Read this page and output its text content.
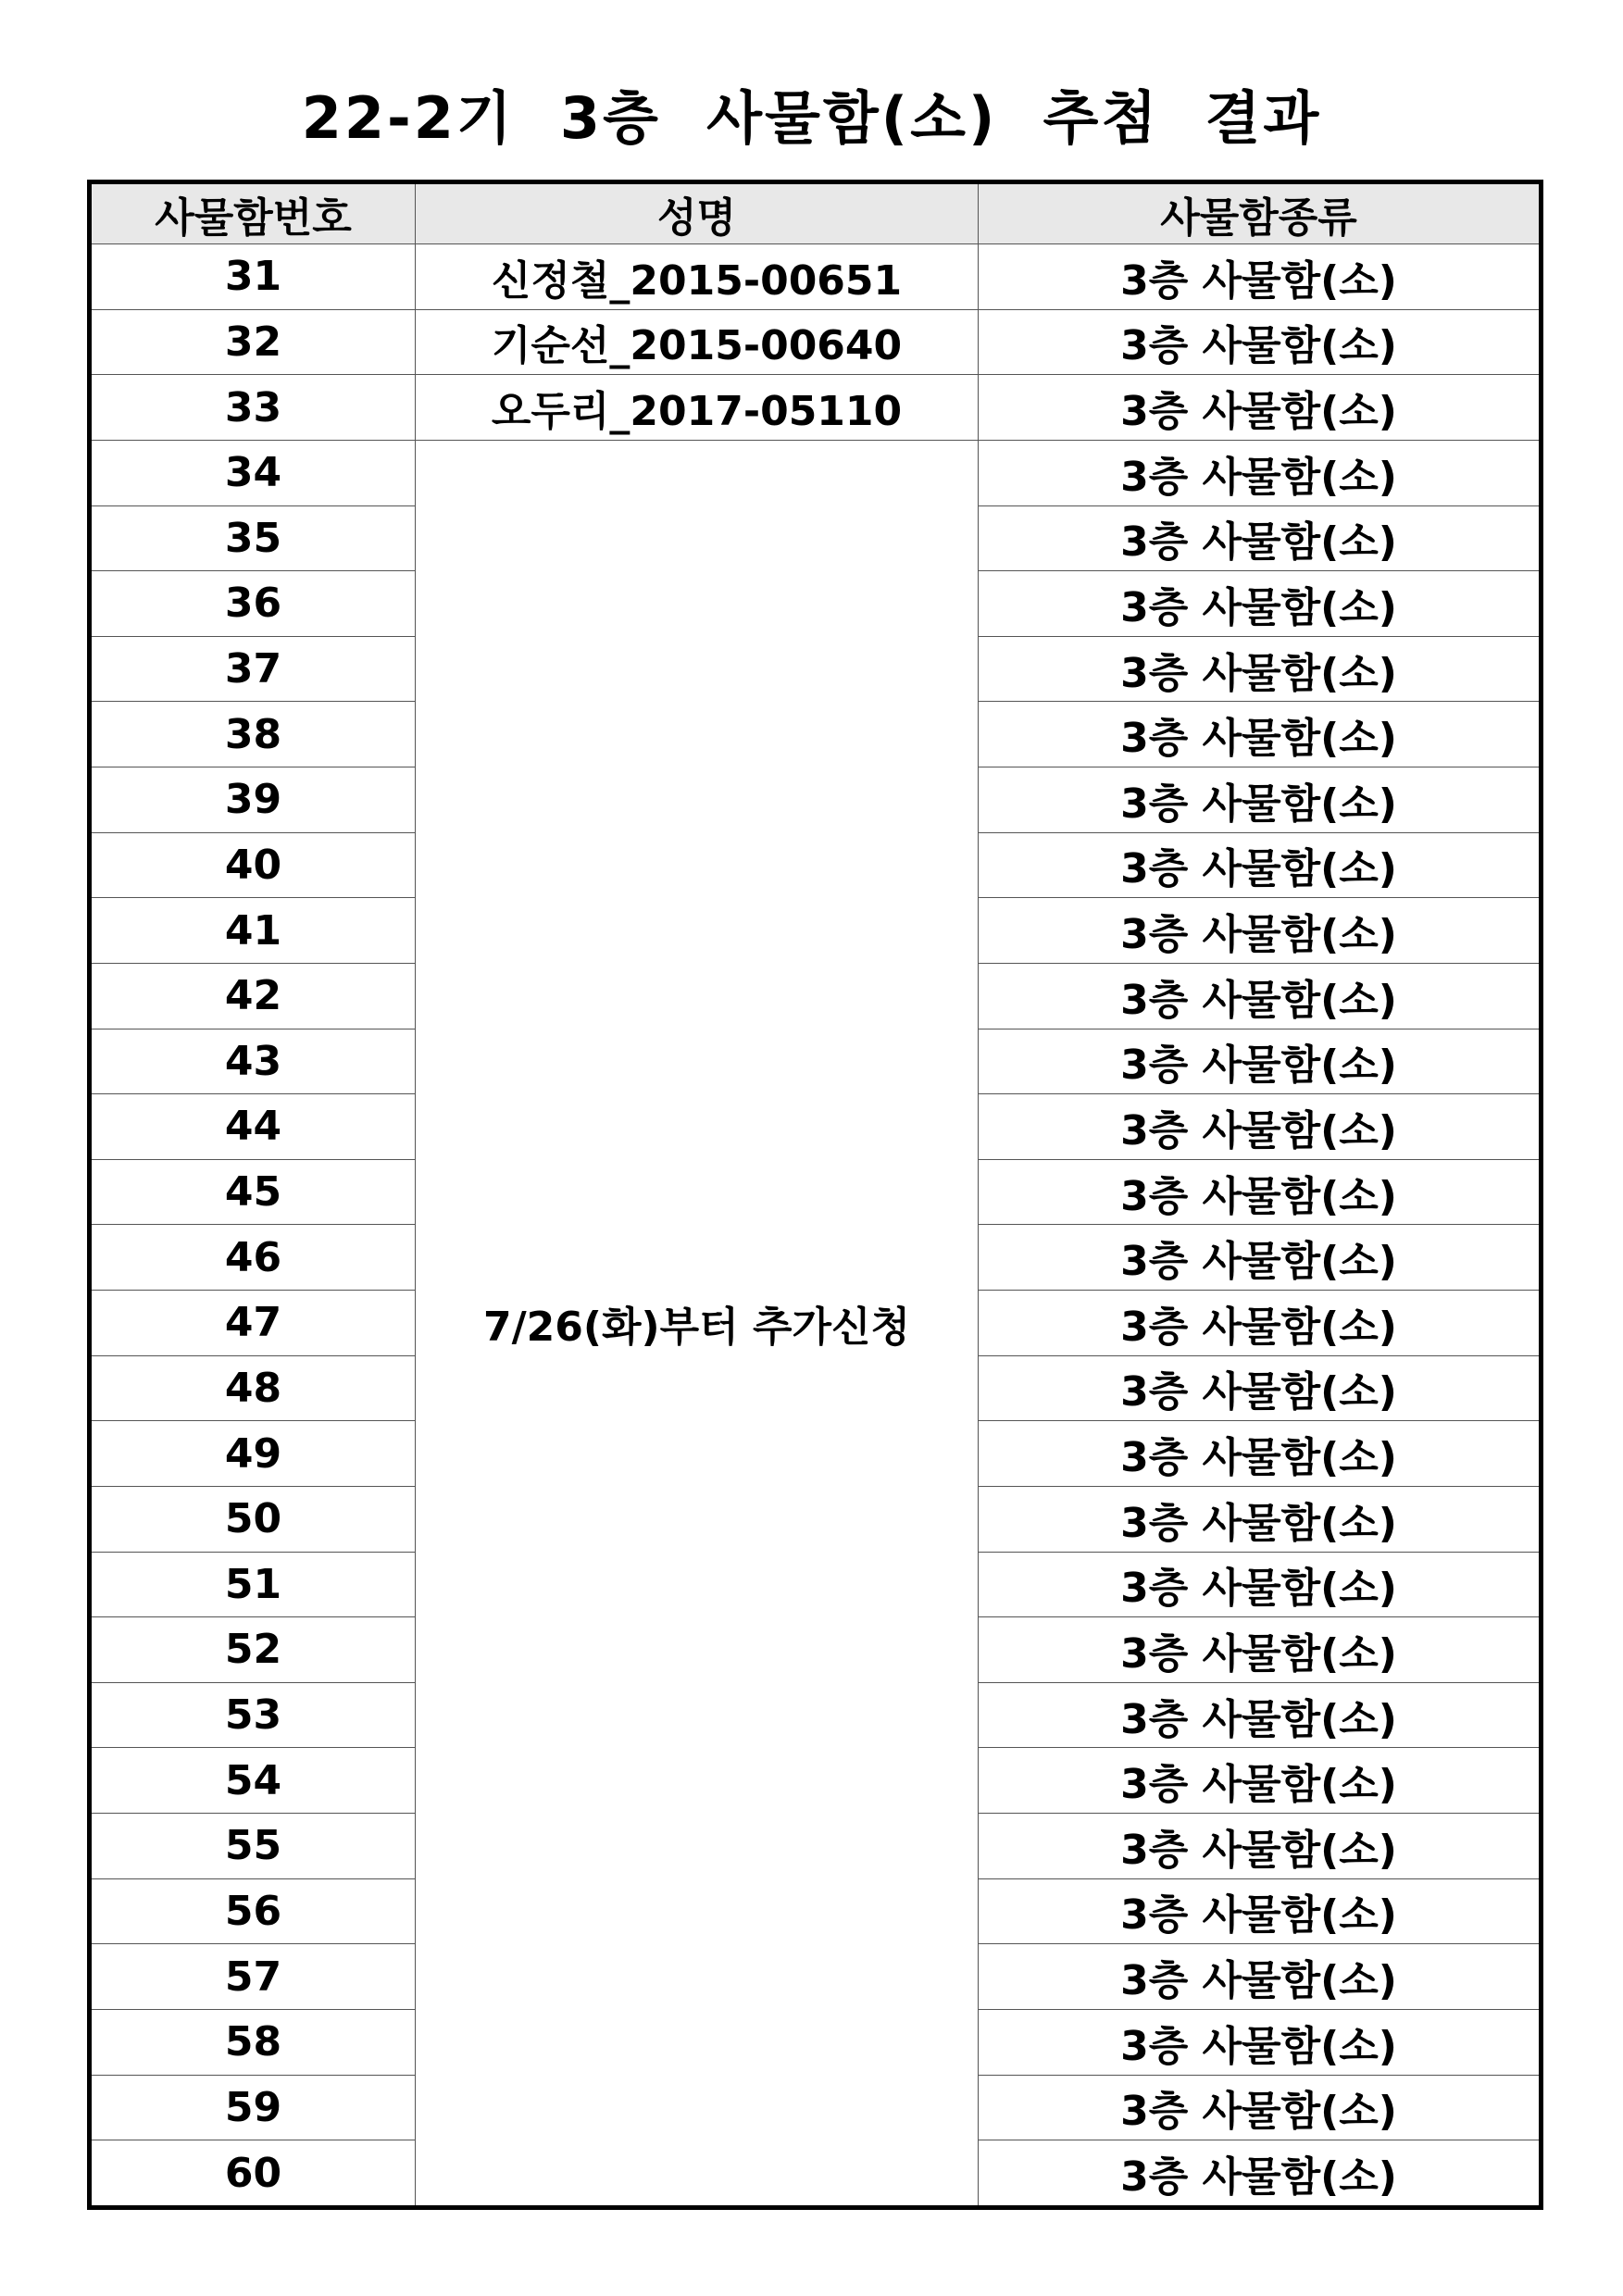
22-2기  3층  사물함(소)  추첨  결과
사물함번호	성명	사물함종류
31	신정철_2015-00651	3층 사물함(소)
32	기순선_2015-00640	3층 사물함(소)
33	오두리_2017-05110	3층 사물함(소)
34	7/26(화)부터 추가신청	3층 사물함(소)
35		3층 사물함(소)
36		3층 사물함(소)
37		3층 사물함(소)
38		3층 사물함(소)
39		3층 사물함(소)
40		3층 사물함(소)
41		3층 사물함(소)
42		3층 사물함(소)
43		3층 사물함(소)
44		3층 사물함(소)
45		3층 사물함(소)
46		3층 사물함(소)
47		3층 사물함(소)
48		3층 사물함(소)
49		3층 사물함(소)
50		3층 사물함(소)
51		3층 사물함(소)
52		3층 사물함(소)
53		3층 사물함(소)
54		3층 사물함(소)
55		3층 사물함(소)
56		3층 사물함(소)
57		3층 사물함(소)
58		3층 사물함(소)
59		3층 사물함(소)
60		3층 사물함(소)
